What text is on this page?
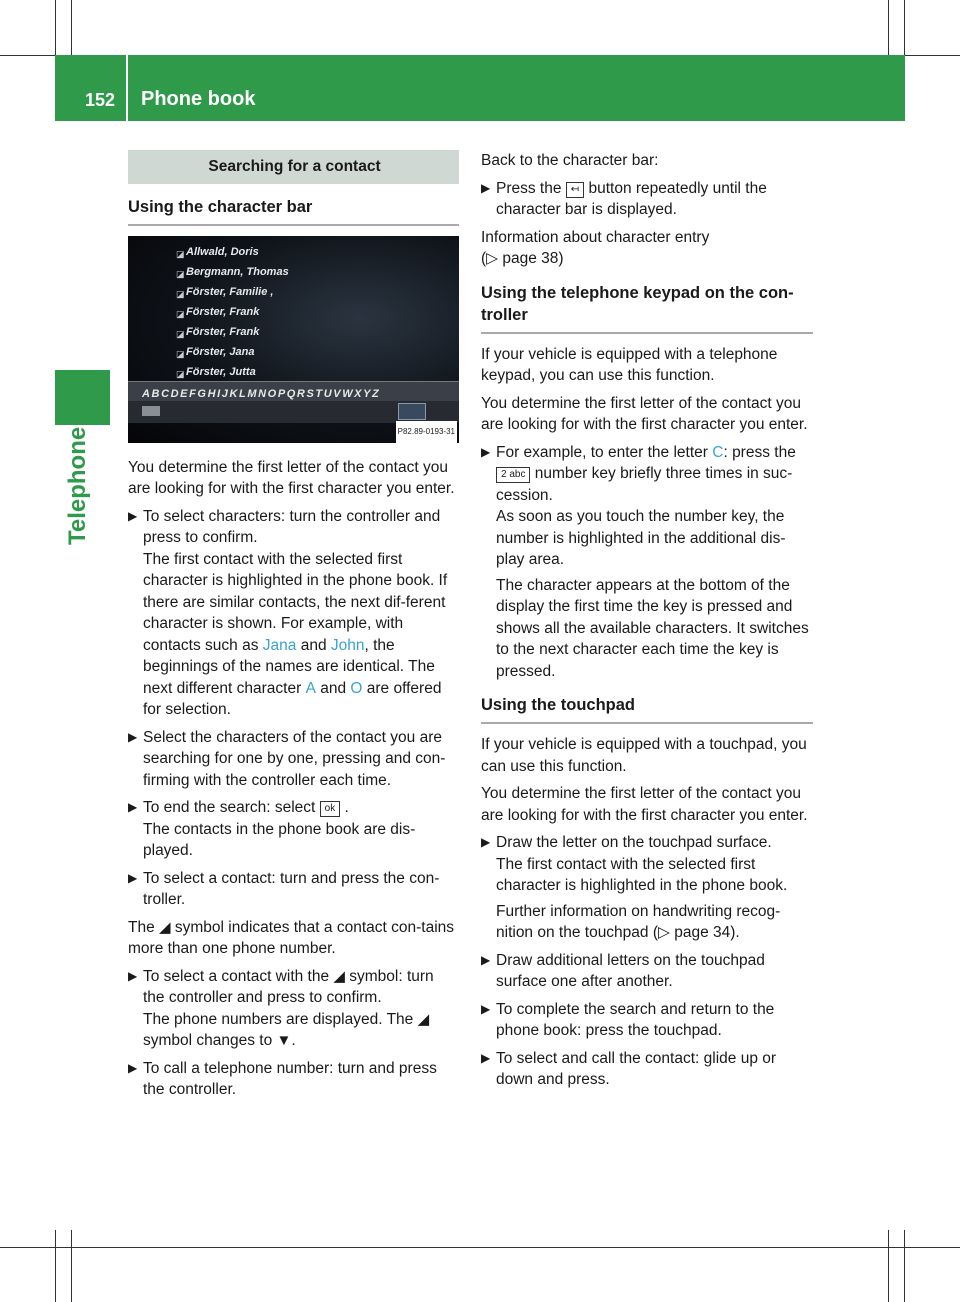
152 Phone book
Telephone
Searching for a contact
Using the character bar
◪ Allwald, Doris
◪ Bergmann, Thomas
◪ Förster, Familie ,
◪ Förster, Frank
◪ Förster, Frank
◪ Förster, Jana
◪ Förster, Jutta
ABCDEFGHIJKLMNOPQRSTUVWXYZ
P82.89-0193-31

You determine the first letter of the contact you are looking for with the first character you enter.

▶ To select characters: turn the controller and press to confirm.
The first contact with the selected first character is highlighted in the phone book. If there are similar contacts, the next dif-ferent character is shown. For example, with contacts such as Jana and John, the beginnings of the names are identical. The next different character A and O are offered for selection.
▶ Select the characters of the contact you are searching for one by one, pressing and con-firming with the controller each time.
▶ To end the search: select ok .
The contacts in the phone book are dis-played.
▶ To select a contact: turn and press the con-troller.

The ◢ symbol indicates that a contact con-tains more than one phone number.

▶ To select a contact with the ◢ symbol: turn the controller and press to confirm.
The phone numbers are displayed. The ◢ symbol changes to ▼.
▶ To call a telephone number: turn and press the controller.

Back to the character bar:

▶ Press the ↤ button repeatedly until the character bar is displayed.

Information about character entry
(▷ page 38)

Using the telephone keypad on the con-troller

If your vehicle is equipped with a telephone keypad, you can use this function.

You determine the first letter of the contact you are looking for with the first character you enter.

▶ For example, to enter the letter C: press the 2 abc number key briefly three times in suc-cession.
As soon as you touch the number key, the number is highlighted in the additional dis-play area.

The character appears at the bottom of the display the first time the key is pressed and shows all the available characters. It switches to the next character each time the key is pressed.

Using the touchpad

If your vehicle is equipped with a touchpad, you can use this function.

You determine the first letter of the contact you are looking for with the first character you enter.

▶ Draw the letter on the touchpad surface.
The first contact with the selected first character is highlighted in the phone book.

Further information on handwriting recog-nition on the touchpad (▷ page 34).

▶ Draw additional letters on the touchpad surface one after another.
▶ To complete the search and return to the phone book: press the touchpad.
▶ To select and call the contact: glide up or down and press.
